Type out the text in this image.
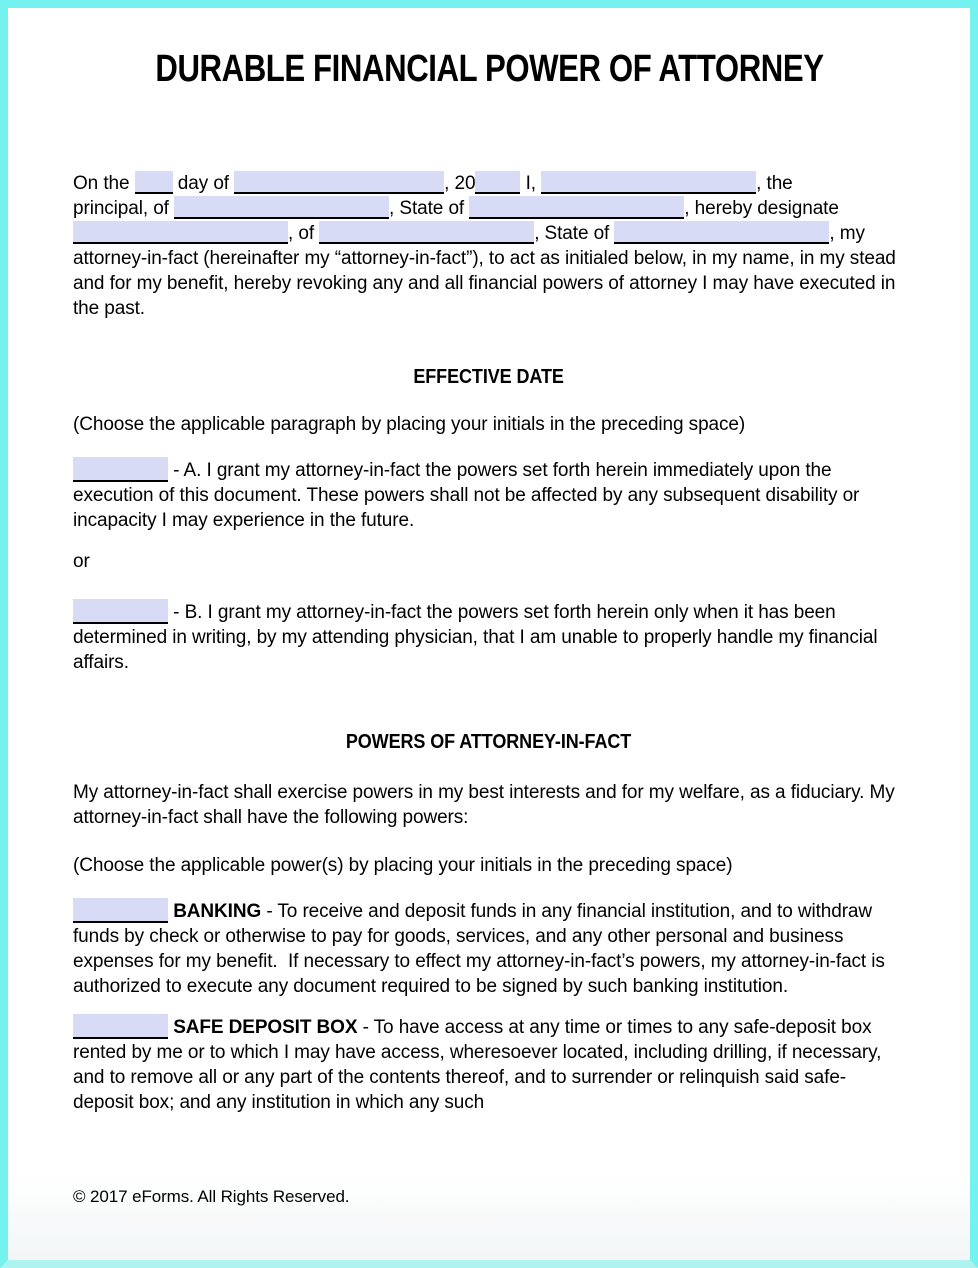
DURABLE FINANCIAL POWER OF ATTORNEY
On the  day of	, 20 I,	, the
principal, of	, State of	, hereby designate
, of	, State of	, my
attorney-in-fact (hereinafter my “attorney-in-fact”), to act as initialed below, in my name, in my stead and for my benefit, hereby revoking any and all financial powers of attorney I may have executed in the past.
EFFECTIVE DATE
(Choose the applicable paragraph by placing your initials in the preceding space)
- A. I grant my attorney-in-fact the powers set forth herein immediately upon the execution of this document. These powers shall not be affected by any subsequent disability or incapacity I may experience in the future.
or
- B. I grant my attorney-in-fact the powers set forth herein only when it has been determined in writing, by my attending physician, that I am unable to properly handle my financial affairs.
POWERS OF ATTORNEY-IN-FACT
My attorney-in-fact shall exercise powers in my best interests and for my welfare, as a fiduciary. My attorney-in-fact shall have the following powers:
(Choose the applicable power(s) by placing your initials in the preceding space)
BANKING - To receive and deposit funds in any financial institution, and to withdraw funds by check or otherwise to pay for goods, services, and any other personal and business expenses for my benefit.  If necessary to effect my attorney-in-fact’s powers, my attorney-in-fact is authorized to execute any document required to be signed by such banking institution.
SAFE DEPOSIT BOX - To have access at any time or times to any safe-deposit box rented by me or to which I may have access, wheresoever located, including drilling, if necessary, and to remove all or any part of the contents thereof, and to surrender or relinquish said safe-deposit box; and any institution in which any such
© 2017 eForms. All Rights Reserved.
